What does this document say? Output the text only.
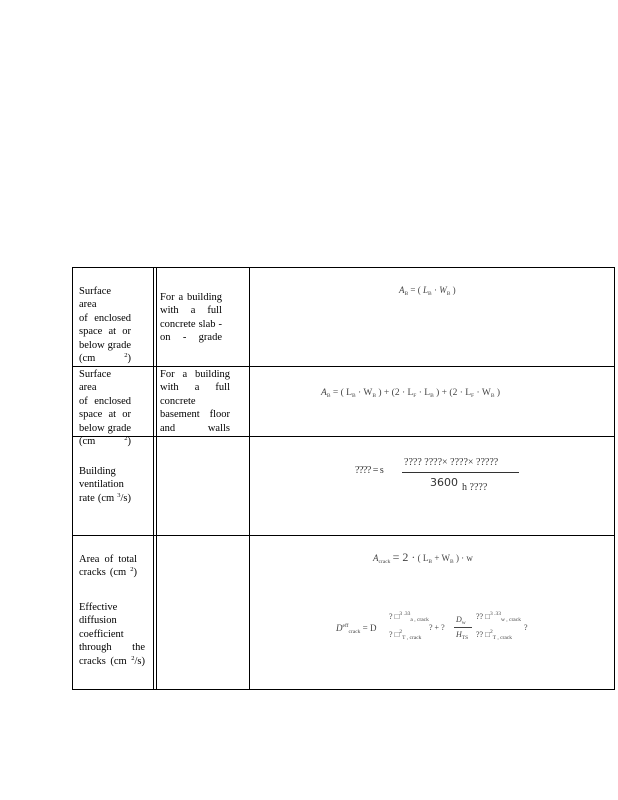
Surface area
of enclosed
space at or
below grade
(cm	$^2$)
For a building
with a full
concrete slab -
on - grade
$A_B$ = ( $L_B \cdot W_B$ )
Surface area
of enclosed
space at or
below grade
(cm	$^2$)
For a building
with a full
concrete
basement floor
and walls
$A_B$ = ( $L_B \cdot W_B$ ) + ($2 \cdot L_F \cdot L_B$ ) + ($2 \cdot L_F \cdot W_B$ )
Building
ventilation
rate (cm $^3$/s)
???? ????× ????× ?????
???? = s
3600 h ????
Area of total
cracks (cm $^2$)
$A_{crack} = 2$ · ( $L_B + W_B$ ) · w
Effective
diffusion
coefficient
through the
cracks (cm $^2$/s)
$D^{eff}_{crack} = D$
? □$^{3 .33}_{a , crack}$
? □$^2_{T , crack}$
? + ?
$D_w$
$H_{TS}$
?? □$^{3 .33}_{w , crack}$
?? □$^2_{T , crack}$
?
